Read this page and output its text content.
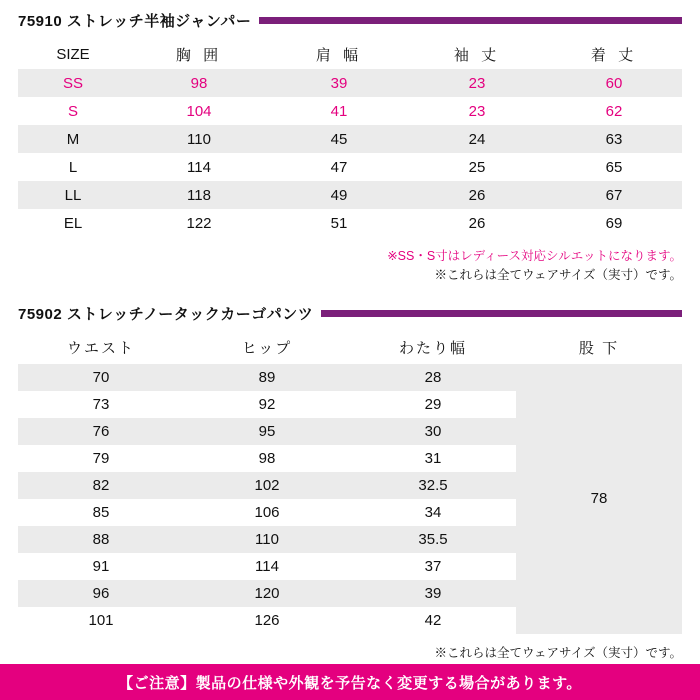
75910 ストレッチ半袖ジャンパー
SIZE	胸 囲	肩 幅	袖 丈	着 丈
SS	98	39	23	60
S	104	41	23	62
M	110	45	24	63
L	114	47	25	65
LL	118	49	26	67
EL	122	51	26	69
※SS・S寸はレディース対応シルエットになります。
※これらは全てウェアサイズ（実寸）です。
75902 ストレッチノータックカーゴパンツ
ウエスト	ヒップ	わたり幅	股 下
70	89	28	78
73	92	29	
76	95	30	
79	98	31	
82	102	32.5	
85	106	34	
88	110	35.5	
91	114	37	
96	120	39	
101	126	42	
※これらは全てウェアサイズ（実寸）です。
【ご注意】製品の仕様や外観を予告なく変更する場合があります。
